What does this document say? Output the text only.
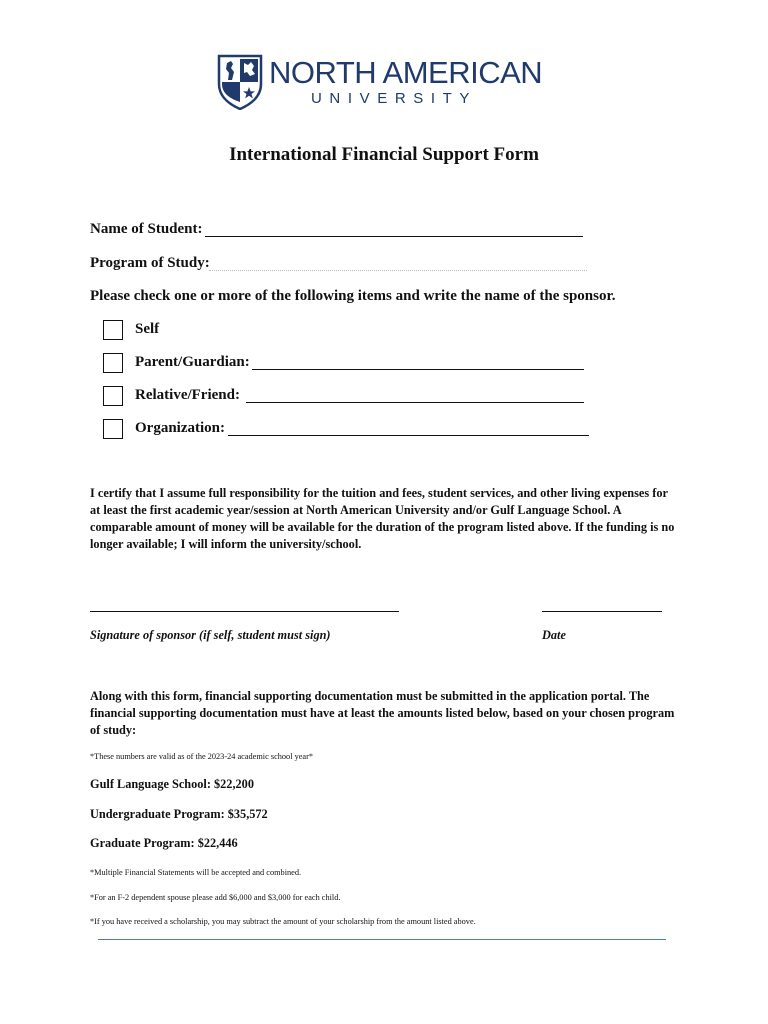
NORTH AMERICAN
UNIVERSITY
International Financial Support Form
Name of Student:
Program of Study:
Please check one or more of the following items and write the name of the sponsor.
Self
Parent/Guardian:
Relative/Friend:
Organization:
I certify that I assume full responsibility for the tuition and fees, student services, and other living expenses for at least the first academic year/session at North American University and/or Gulf Language School. A comparable amount of money will be available for the duration of the program listed above. If the funding is no longer available; I will inform the university/school.
Signature of sponsor (if self, student must sign)	Date
Along with this form, financial supporting documentation must be submitted in the application portal. The financial supporting documentation must have at least the amounts listed below, based on your chosen program of study:
*These numbers are valid as of the 2023-24 academic school year*
Gulf Language School: $22,200
Undergraduate Program: $35,572
Graduate Program: $22,446
*Multiple Financial Statements will be accepted and combined.
*For an F-2 dependent spouse please add $6,000 and $3,000 for each child.
*If you have received a scholarship, you may subtract the amount of your scholarship from the amount listed above.
